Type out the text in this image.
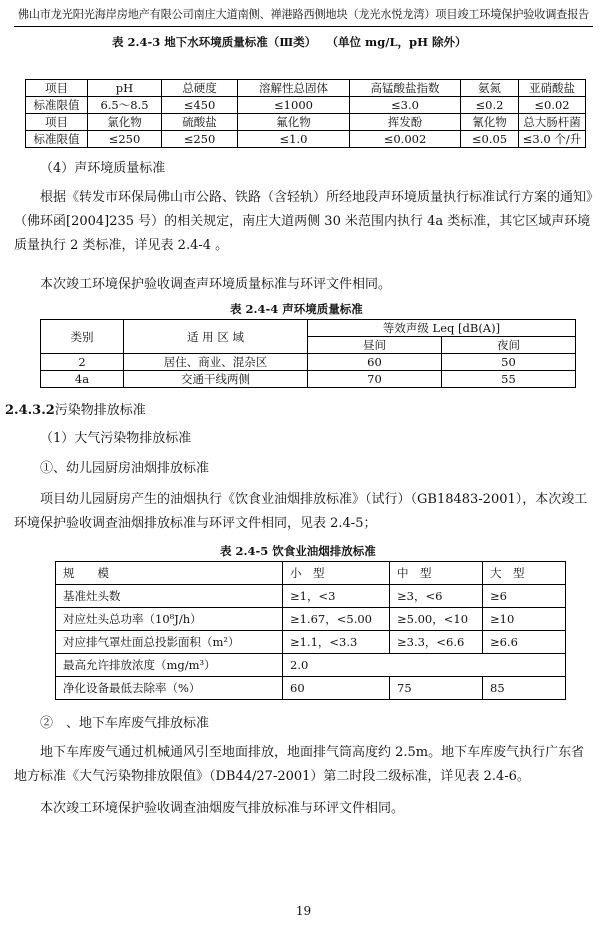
佛山市龙光阳光海岸房地产有限公司南庄大道南侧、禅港路西侧地块（龙光水悦龙湾）项目竣工环境保护验收调查报告
表 2.4-3 地下水环境质量标准（Ⅲ类） （单位 mg/L，pH 除外）
项目	pH	总硬度	溶解性总固体	高锰酸盐指数	氨氮	亚硝酸盐
标准限值	6.5～8.5	≤450	≤1000	≤3.0	≤0.2	≤0.02
项目	氯化物	硫酸盐	氟化物	挥发酚	氰化物	总大肠杆菌
标准限值	≤250	≤250	≤1.0	≤0.002	≤0.05	≤3.0 个/升
（4）声环境质量标准
根据《转发市环保局佛山市公路、铁路（含轻轨）所经地段声环境质量执行标准试行方案的通知》（佛环函[2004]235 号）的相关规定，南庄大道两侧 30 米范围内执行 4a 类标准，其它区域声环境质量执行 2 类标准，详见表 2.4-4 。
本次竣工环境保护验收调查声环境质量标准与环评文件相同。
表 2.4-4 声环境质量标准
类别	适 用 区 域	等效声级 Leq [dB(A)]	
		昼间	夜间
2	居住、商业、混杂区	60	50
4a	交通干线两侧	70	55
2.4.3.2污染物排放标准
（1）大气污染物排放标准
①、幼儿园厨房油烟排放标准
项目幼儿园厨房产生的油烟执行《饮食业油烟排放标准》（试行）（GB18483-2001），本次竣工环境保护验收调查油烟排放标准与环评文件相同，见表 2.4-5；
表 2.4-5 饮食业油烟排放标准
规　　模	小　型	中　型	大　型
基准灶头数	≥1，<3	≥3，<6	≥6
对应灶头总功率（10⁸J/h）	≥1.67，<5.00	≥5.00，<10	≥10
对应排气罩灶面总投影面积（m²）	≥1.1，<3.3	≥3.3，<6.6	≥6.6
最高允许排放浓度（mg/m³）	2.0		
净化设备最低去除率（%）	60	75	85
②　、地下车库废气排放标准
地下车库废气通过机械通风引至地面排放，地面排气筒高度约 2.5m。地下车库废气执行广东省地方标准《大气污染物排放限值》（DB44/27-2001）第二时段二级标准，详见表 2.4-6。
本次竣工环境保护验收调查油烟废气排放标准与环评文件相同。
19
